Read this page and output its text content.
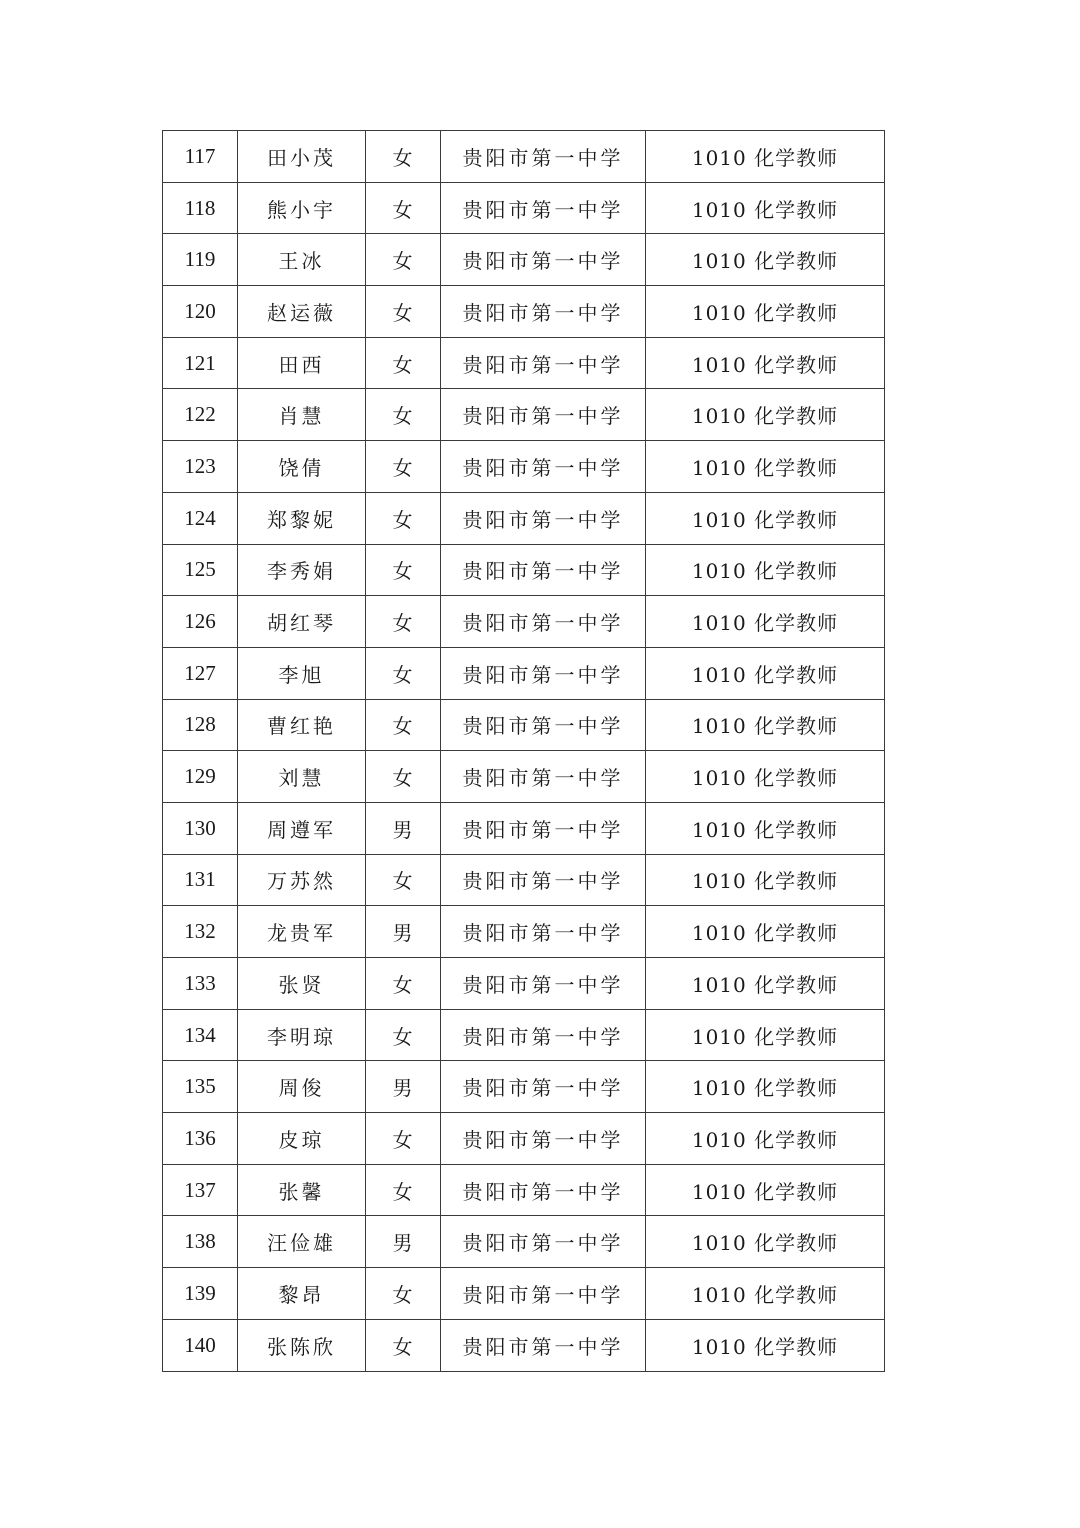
117	田小茂	女	贵阳市第一中学	1010 化学教师
118	熊小宇	女	贵阳市第一中学	1010 化学教师
119	王冰	女	贵阳市第一中学	1010 化学教师
120	赵运薇	女	贵阳市第一中学	1010 化学教师
121	田西	女	贵阳市第一中学	1010 化学教师
122	肖慧	女	贵阳市第一中学	1010 化学教师
123	饶倩	女	贵阳市第一中学	1010 化学教师
124	郑黎妮	女	贵阳市第一中学	1010 化学教师
125	李秀娟	女	贵阳市第一中学	1010 化学教师
126	胡红琴	女	贵阳市第一中学	1010 化学教师
127	李旭	女	贵阳市第一中学	1010 化学教师
128	曹红艳	女	贵阳市第一中学	1010 化学教师
129	刘慧	女	贵阳市第一中学	1010 化学教师
130	周遵军	男	贵阳市第一中学	1010 化学教师
131	万苏然	女	贵阳市第一中学	1010 化学教师
132	龙贵军	男	贵阳市第一中学	1010 化学教师
133	张贤	女	贵阳市第一中学	1010 化学教师
134	李明琼	女	贵阳市第一中学	1010 化学教师
135	周俊	男	贵阳市第一中学	1010 化学教师
136	皮琼	女	贵阳市第一中学	1010 化学教师
137	张馨	女	贵阳市第一中学	1010 化学教师
138	汪俭雄	男	贵阳市第一中学	1010 化学教师
139	黎昂	女	贵阳市第一中学	1010 化学教师
140	张陈欣	女	贵阳市第一中学	1010 化学教师
